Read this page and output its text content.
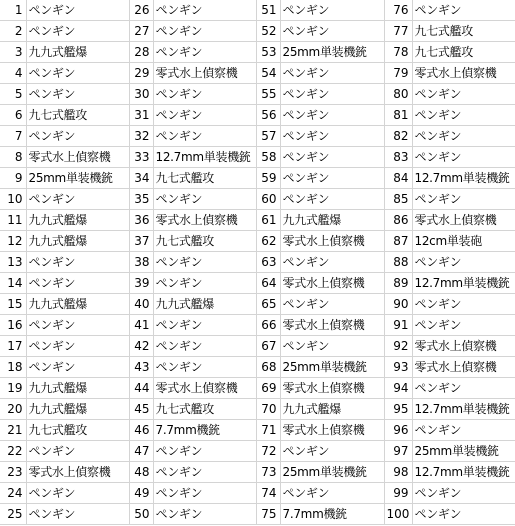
1	ペンギン	26	ペンギン	51	ペンギン	76	ペンギン
2	ペンギン	27	ペンギン	52	ペンギン	77	九七式艦攻
3	九九式艦爆	28	ペンギン	53	25mm単装機銃	78	九七式艦攻
4	ペンギン	29	零式水上偵察機	54	ペンギン	79	零式水上偵察機
5	ペンギン	30	ペンギン	55	ペンギン	80	ペンギン
6	九七式艦攻	31	ペンギン	56	ペンギン	81	ペンギン
7	ペンギン	32	ペンギン	57	ペンギン	82	ペンギン
8	零式水上偵察機	33	12.7mm単装機銃	58	ペンギン	83	ペンギン
9	25mm単装機銃	34	九七式艦攻	59	ペンギン	84	12.7mm単装機銃
10	ペンギン	35	ペンギン	60	ペンギン	85	ペンギン
11	九九式艦爆	36	零式水上偵察機	61	九九式艦爆	86	零式水上偵察機
12	九九式艦爆	37	九七式艦攻	62	零式水上偵察機	87	12cm単装砲
13	ペンギン	38	ペンギン	63	ペンギン	88	ペンギン
14	ペンギン	39	ペンギン	64	零式水上偵察機	89	12.7mm単装機銃
15	九九式艦爆	40	九九式艦爆	65	ペンギン	90	ペンギン
16	ペンギン	41	ペンギン	66	零式水上偵察機	91	ペンギン
17	ペンギン	42	ペンギン	67	ペンギン	92	零式水上偵察機
18	ペンギン	43	ペンギン	68	25mm単装機銃	93	零式水上偵察機
19	九九式艦爆	44	零式水上偵察機	69	零式水上偵察機	94	ペンギン
20	九九式艦爆	45	九七式艦攻	70	九九式艦爆	95	12.7mm単装機銃
21	九七式艦攻	46	7.7mm機銃	71	零式水上偵察機	96	ペンギン
22	ペンギン	47	ペンギン	72	ペンギン	97	25mm単装機銃
23	零式水上偵察機	48	ペンギン	73	25mm単装機銃	98	12.7mm単装機銃
24	ペンギン	49	ペンギン	74	ペンギン	99	ペンギン
25	ペンギン	50	ペンギン	75	7.7mm機銃	100	ペンギン
